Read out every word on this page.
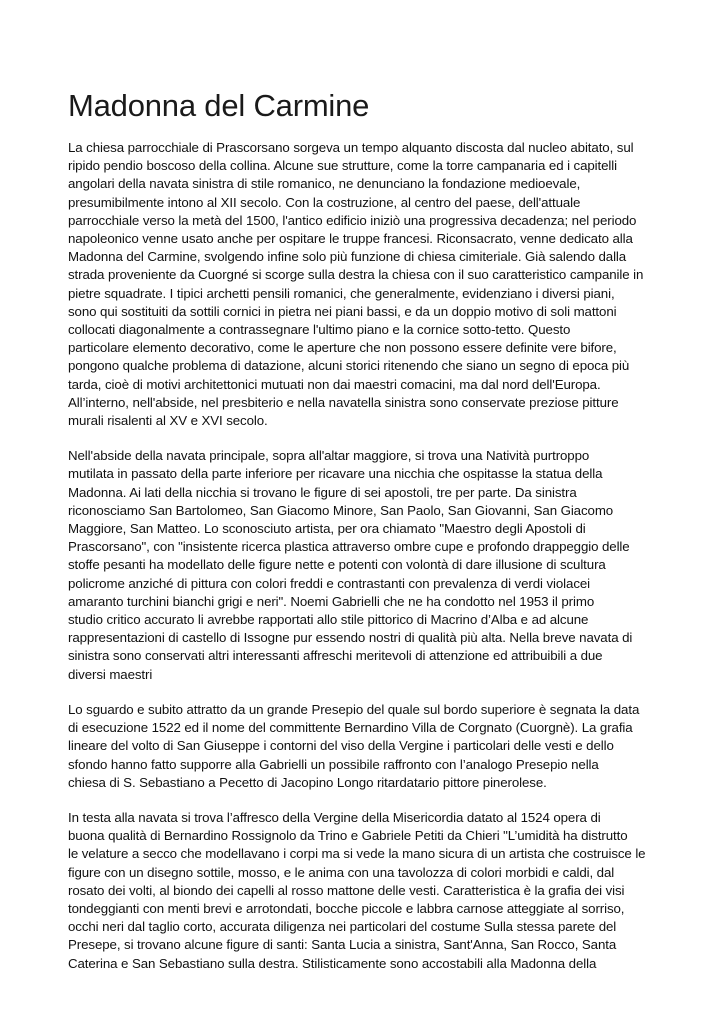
Madonna del Carmine

La chiesa parrocchiale di Prascorsano sorgeva un tempo alquanto discosta dal nucleo abitato, sul
ripido pendio boscoso della collina. Alcune sue strutture, come la torre campanaria ed i capitelli
angolari della navata sinistra di stile romanico, ne denunciano la fondazione medioevale,
presumibilmente intono al XII secolo. Con la costruzione, al centro del paese, dell'attuale
parrocchiale verso la metà del 1500, l'antico edificio iniziò una progressiva decadenza; nel periodo
napoleonico venne usato anche per ospitare le truppe francesi. Riconsacrato, venne dedicato alla
Madonna del Carmine, svolgendo infine solo più funzione di chiesa cimiteriale. Già salendo dalla
strada proveniente da Cuorgné si scorge sulla destra la chiesa con il suo caratteristico campanile in
pietre squadrate. I tipici archetti pensili romanici, che generalmente, evidenziano i diversi piani,
sono qui sostituiti da sottili cornici in pietra nei piani bassi, e da un doppio motivo di soli mattoni
collocati diagonalmente a contrassegnare l'ultimo piano e la cornice sotto-tetto. Questo
particolare elemento decorativo, come le aperture che non possono essere definite vere bifore,
pongono qualche problema di datazione, alcuni storici ritenendo che siano un segno di epoca più
tarda, cioè di motivi architettonici mutuati non dai maestri comacini, ma dal nord dell'Europa.
All’interno, nell'abside, nel presbiterio e nella navatella sinistra sono conservate preziose pitture
murali risalenti al XV e XVI secolo.

Nell'abside della navata principale, sopra all'altar maggiore, si trova una Natività purtroppo
mutilata in passato della parte inferiore per ricavare una nicchia che ospitasse la statua della
Madonna. Ai lati della nicchia si trovano le figure di sei apostoli, tre per parte. Da sinistra
riconosciamo San Bartolomeo, San Giacomo Minore, San Paolo, San Giovanni, San Giacomo
Maggiore, San Matteo. Lo sconosciuto artista, per ora chiamato "Maestro degli Apostoli di
Prascorsano", con "insistente ricerca plastica attraverso ombre cupe e profondo drappeggio delle
stoffe pesanti ha modellato delle figure nette e potenti con volontà di dare illusione di scultura
policrome anziché di pittura con colori freddi e contrastanti con prevalenza di verdi violacei
amaranto turchini bianchi grigi e neri". Noemi Gabrielli che ne ha condotto nel 1953 il primo
studio critico accurato li avrebbe rapportati allo stile pittorico di Macrino d’Alba e ad alcune
rappresentazioni di castello di Issogne pur essendo nostri di qualità più alta. Nella breve navata di
sinistra sono conservati altri interessanti affreschi meritevoli di attenzione ed attribuibili a due
diversi maestri

Lo sguardo e subito attratto da un grande Presepio del quale sul bordo superiore è segnata la data
di esecuzione 1522 ed il nome del committente Bernardino Villa de Corgnato (Cuorgnè). La grafia
lineare del volto di San Giuseppe i contorni del viso della Vergine i particolari delle vesti e dello
sfondo hanno fatto supporre alla Gabrielli un possibile raffronto con l’analogo Presepio nella
chiesa di S. Sebastiano a Pecetto di Jacopino Longo ritardatario pittore pinerolese.

In testa alla navata si trova l’affresco della Vergine della Misericordia datato al 1524 opera di
buona qualità di Bernardino Rossignolo da Trino e Gabriele Petiti da Chieri "L’umidità ha distrutto
le velature a secco che modellavano i corpi ma si vede la mano sicura di un artista che costruisce le
figure con un disegno sottile, mosso, e le anima con una tavolozza di colori morbidi e caldi, dal
rosato dei volti, al biondo dei capelli al rosso mattone delle vesti. Caratteristica è la grafia dei visi
tondeggianti con menti brevi e arrotondati, bocche piccole e labbra carnose atteggiate al sorriso,
occhi neri dal taglio corto, accurata diligenza nei particolari del costume Sulla stessa parete del
Presepe, si trovano alcune figure di santi: Santa Lucia a sinistra, Sant'Anna, San Rocco, Santa
Caterina e San Sebastiano sulla destra. Stilisticamente sono accostabili alla Madonna della
